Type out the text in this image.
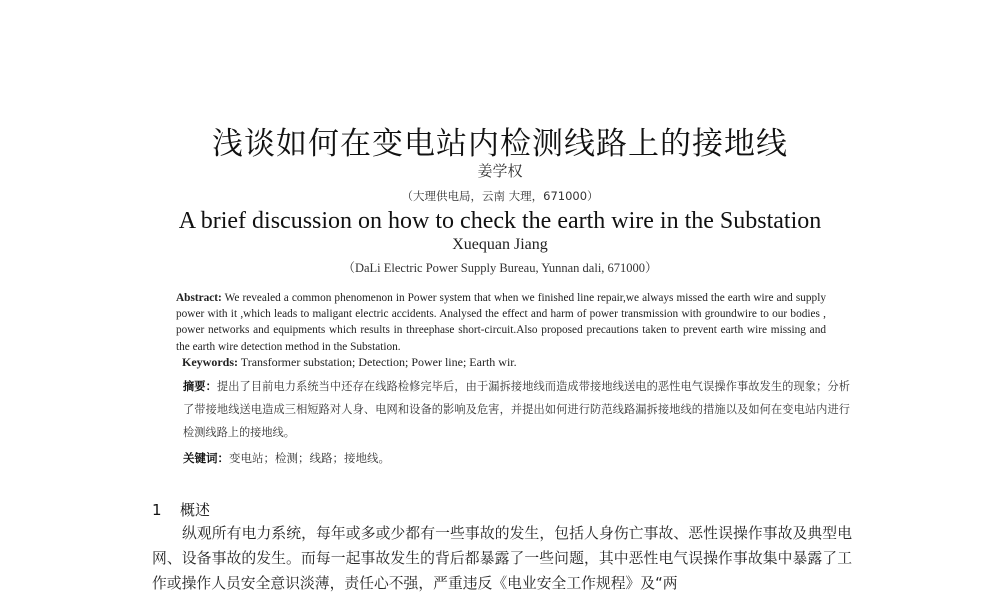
浅谈如何在变电站内检测线路上的接地线
姜学权
（大理供电局，云南 大理，671000）
A brief discussion on how to check the earth wire in the Substation
Xuequan Jiang
（DaLi Electric Power Supply Bureau, Yunnan dali, 671000）
Abstract: We revealed a common phenomenon in Power system that when we finished line repair,we always missed the earth wire and supply power with it ,which leads to maligant electric accidents. Analysed the effect and harm of power transmission with groundwire to our bodies , power networks and equipments which results in threephase short-circuit.Also proposed precautions taken to prevent earth wire missing and the earth wire detection method in the Substation.
Keywords: Transformer substation; Detection; Power line; Earth wir.
摘要：提出了目前电力系统当中还存在线路检修完毕后，由于漏拆接地线而造成带接地线送电的恶性电气误操作事故发生的现象；分析了带接地线送电造成三相短路对人身、电网和设备的影响及危害，并提出如何进行防范线路漏拆接地线的措施以及如何在变电站内进行检测线路上的接地线。
关键词：变电站；检测；线路；接地线。
1 概述
纵观所有电力系统，每年或多或少都有一些事故的发生，包括人身伤亡事故、恶性误操作事故及典型电网、设备事故的发生。而每一起事故发生的背后都暴露了一些问题，其中恶性电气误操作事故集中暴露了工作或操作人员安全意识淡薄，责任心不强，严重违反《电业安全工作规程》及“两
